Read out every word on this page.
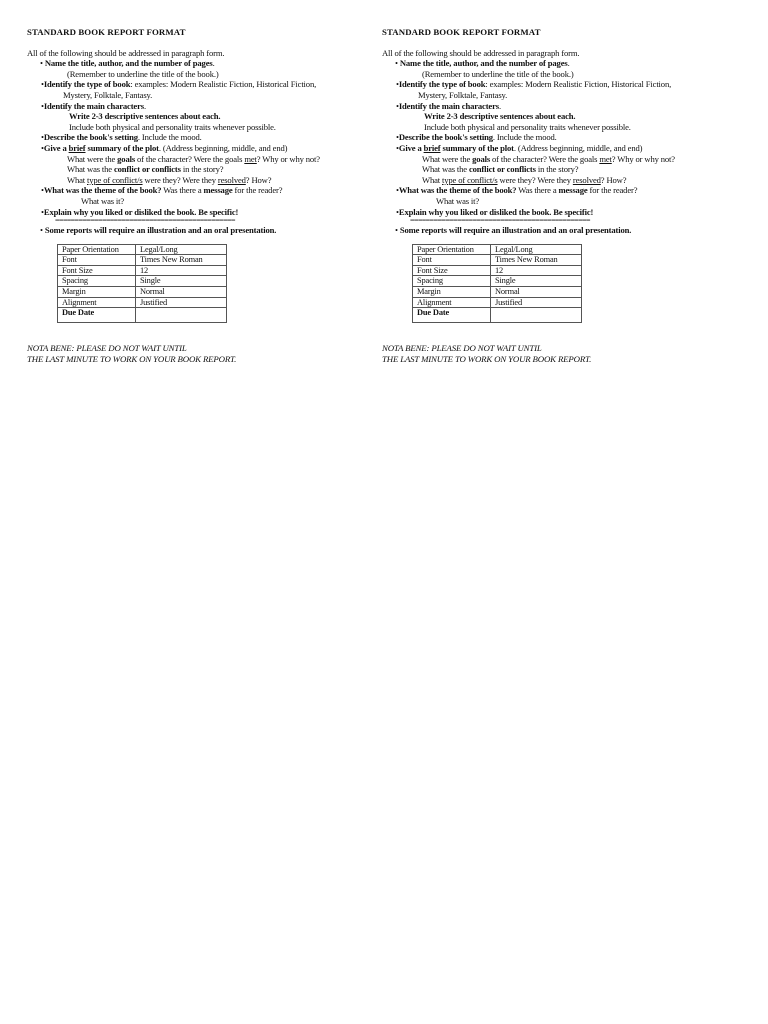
STANDARD BOOK REPORT FORMAT
All of the following should be addressed in paragraph form.
• Name the title, author, and the number of pages.
(Remember to underline the title of the book.)
•Identify the type of book: examples: Modern Realistic Fiction, Historical Fiction,
Mystery, Folktale, Fantasy.
•Identify the main characters.
Write 2-3 descriptive sentences about each.
Include both physical and personality traits whenever possible.
•Describe the book's setting. Include the mood.
•Give a brief summary of the plot. (Address beginning, middle, and end)
What were the goals of the character? Were the goals met? Why or why not?
What was the conflict or conflicts in the story?
What type of conflict/s were they? Were they resolved? How?
•What was the theme of the book? Was there a message for the reader?
What was it?
•Explain why you liked or disliked the book. Be specific!
==============================================
• Some reports will require an illustration and an oral presentation.
Paper Orientation	Legal/Long
Font	Times New Roman
Font Size	12
Spacing	Single
Margin	Normal
Alignment	Justified
Due Date	
NOTA BENE: PLEASE DO NOT WAIT UNTIL
THE LAST MINUTE TO WORK ON YOUR BOOK REPORT.
STANDARD BOOK REPORT FORMAT
All of the following should be addressed in paragraph form.
• Name the title, author, and the number of pages.
(Remember to underline the title of the book.)
•Identify the type of book: examples: Modern Realistic Fiction, Historical Fiction,
Mystery, Folktale, Fantasy.
•Identify the main characters.
Write 2-3 descriptive sentences about each.
Include both physical and personality traits whenever possible.
•Describe the book's setting. Include the mood.
•Give a brief summary of the plot. (Address beginning, middle, and end)
What were the goals of the character? Were the goals met? Why or why not?
What was the conflict or conflicts in the story?
What type of conflict/s were they? Were they resolved? How?
•What was the theme of the book? Was there a message for the reader?
What was it?
•Explain why you liked or disliked the book. Be specific!
==============================================
• Some reports will require an illustration and an oral presentation.
Paper Orientation	Legal/Long
Font	Times New Roman
Font Size	12
Spacing	Single
Margin	Normal
Alignment	Justified
Due Date	
NOTA BENE: PLEASE DO NOT WAIT UNTIL
THE LAST MINUTE TO WORK ON YOUR BOOK REPORT.
